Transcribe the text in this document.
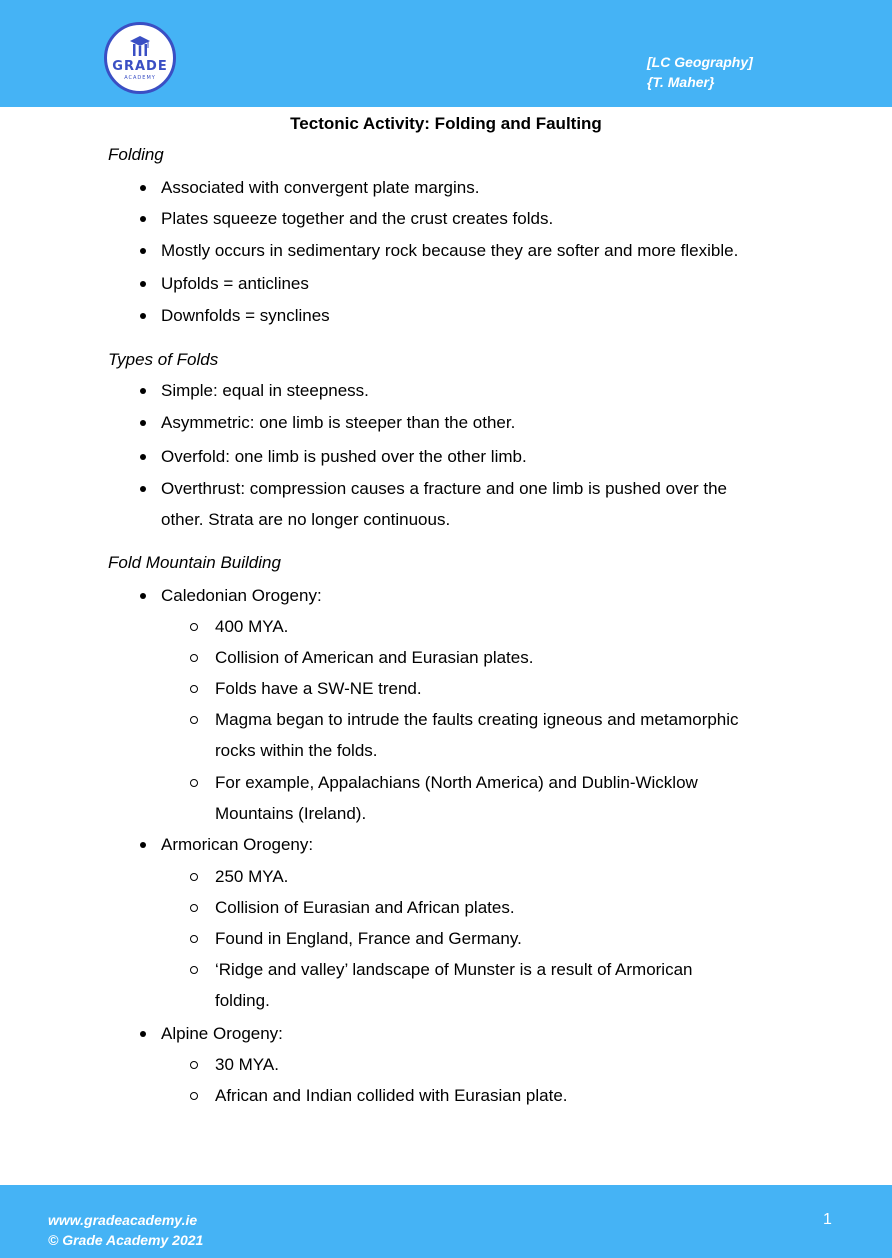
GRADE
ACADEMY
[LC Geography]
{T. Maher}
Tectonic Activity: Folding and Faulting
Folding
Associated with convergent plate margins.
Plates squeeze together and the crust creates folds.
Mostly occurs in sedimentary rock because they are softer and more flexible.
Upfolds = anticlines
Downfolds = synclines
Types of Folds
Simple: equal in steepness.
Asymmetric: one limb is steeper than the other.
Overfold: one limb is pushed over the other limb.
Overthrust: compression causes a fracture and one limb is pushed over the
other. Strata are no longer continuous.
Fold Mountain Building
Caledonian Orogeny:
400 MYA.
Collision of American and Eurasian plates.
Folds have a SW-NE trend.
Magma began to intrude the faults creating igneous and metamorphic
rocks within the folds.
For example, Appalachians (North America) and Dublin-Wicklow
Mountains (Ireland).
Armorican Orogeny:
250 MYA.
Collision of Eurasian and African plates.
Found in England, France and Germany.
‘Ridge and valley’ landscape of Munster is a result of Armorican
folding.
Alpine Orogeny:
30 MYA.
African and Indian collided with Eurasian plate.
www.gradeacademy.ie
© Grade Academy 2021
1
